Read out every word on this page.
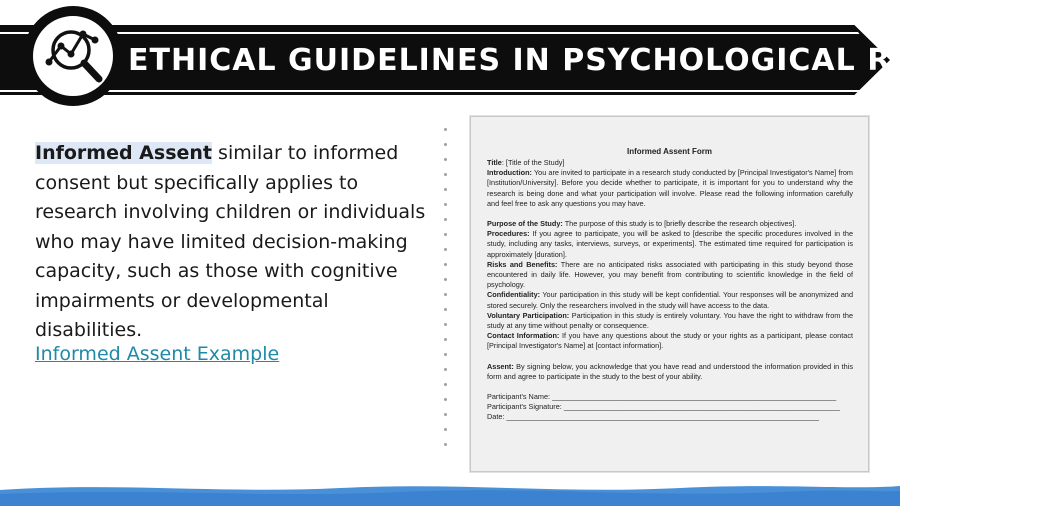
ETHICAL GUIDELINES IN PSYCHOLOGICAL RESEARCH
Informed Assent similar to informed consent but specifically applies to research involving children or individuals who may have limited decision-making capacity, such as those with cognitive impairments or developmental disabilities.
Informed Assent Example
Informed Assent Form

Title: [Title of the Study]

Introduction: You are invited to participate in a research study conducted by [Principal Investigator's Name] from [Institution/University]. Before you decide whether to participate, it is important for you to understand why the research is being done and what your participation will involve. Please read the following information carefully and feel free to ask any questions you may have.

Purpose of the Study: The purpose of this study is to [briefly describe the research objectives].

Procedures: If you agree to participate, you will be asked to [describe the specific procedures involved in the study, including any tasks, interviews, surveys, or experiments]. The estimated time required for participation is approximately [duration].

Risks and Benefits: There are no anticipated risks associated with participating in this study beyond those encountered in daily life. However, you may benefit from contributing to scientific knowledge in the field of psychology.

Confidentiality: Your participation in this study will be kept confidential. Your responses will be anonymized and stored securely. Only the researchers involved in the study will have access to the data.

Voluntary Participation: Participation in this study is entirely voluntary. You have the right to withdraw from the study at any time without penalty or consequence.

Contact Information: If you have any questions about the study or your rights as a participant, please contact [Principal Investigator's Name] at [contact information].

Assent: By signing below, you acknowledge that you have read and understood the information provided in this form and agree to participate in the study to the best of your ability.

Participant's Name: ______________________________________________________________________

Participant's Signature: ____________________________________________________________________

Date: _____________________________________________________________________________
